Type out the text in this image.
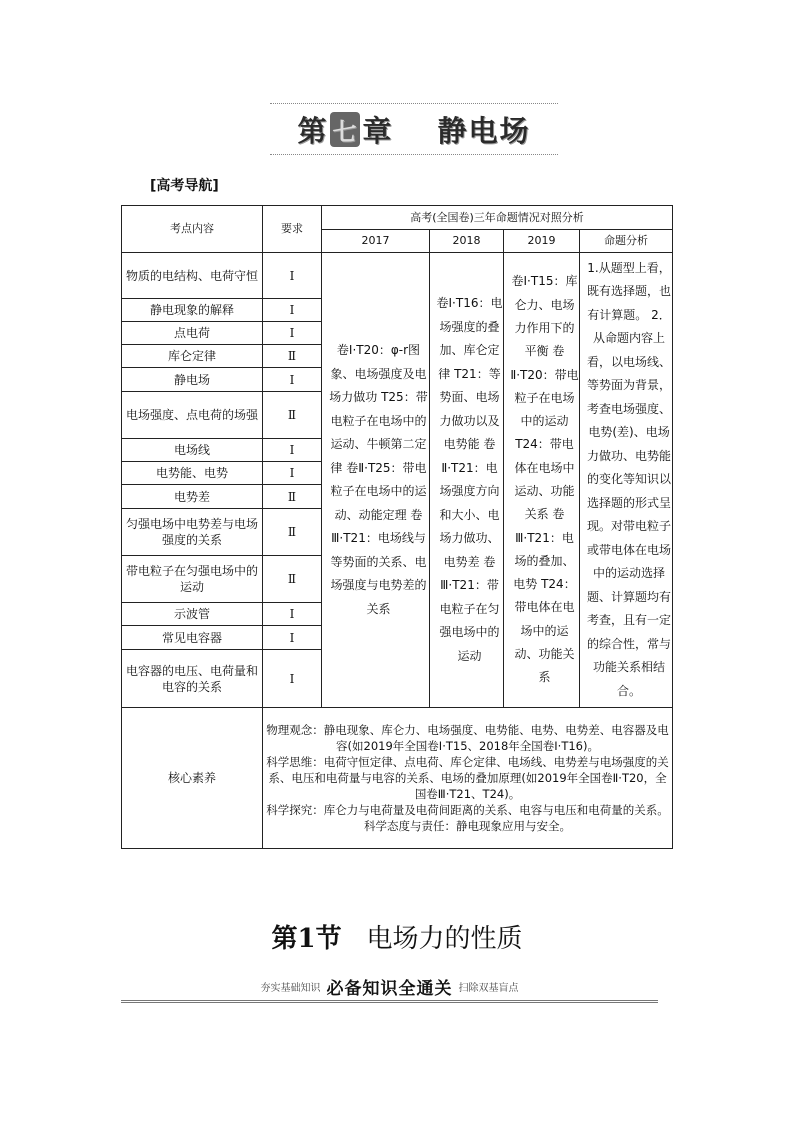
第 七 章 静电场
[高考导航]
考点内容	要求	高考(全国卷)三年命题情况对照分析			
		2017	2018	2019	命题分析
物质的电结构、电荷守恒	Ⅰ	卷Ⅰ·T20：φ-r图象、电场强度及电场力做功 T25：带电粒子在电场中的运动、牛顿第二定律 卷Ⅱ·T25：带电粒子在电场中的运动、动能定理 卷Ⅲ·T21：电场线与等势面的关系、电场强度与电势差的关系	卷Ⅰ·T16：电场强度的叠加、库仑定律 T21：等势面、电场力做功以及电势能 卷Ⅱ·T21：电场强度方向和大小、电场力做功、电势差 卷Ⅲ·T21：带电粒子在匀强电场中的运动	卷Ⅰ·T15：库仑力、电场力作用下的平衡 卷Ⅱ·T20：带电粒子在电场中的运动 T24：带电体在电场中运动、功能关系 卷Ⅲ·T21：电场的叠加、电势 T24：带电体在电场中的运动、功能关系	1.从题型上看，既有选择题，也有计算题。 2．从命题内容上看，以电场线、等势面为背景，考查电场强度、电势(差)、电场力做功、电势能的变化等知识以选择题的形式呈现。对带电粒子或带电体在电场中的运动选择题、计算题均有考查，且有一定的综合性，常与功能关系相结合。
静电现象的解释	Ⅰ				
点电荷	Ⅰ				
库仑定律	Ⅱ				
静电场	Ⅰ				
电场强度、点电荷的场强	Ⅱ				
电场线	Ⅰ				
电势能、电势	Ⅰ				
电势差	Ⅱ				
匀强电场中电势差与电场强度的关系	Ⅱ				
带电粒子在匀强电场中的运动	Ⅱ				
示波管	Ⅰ				
常见电容器	Ⅰ				
电容器的电压、电荷量和电容的关系	Ⅰ				
核心素养	物理观念：静电现象、库仑力、电场强度、电势能、电势、电势差、电容器及电容(如2019年全国卷Ⅰ·T15、2018年全国卷Ⅰ·T16)。
科学思维：电荷守恒定律、点电荷、库仑定律、电场线、电势差与电场强度的关系、电压和电荷量与电容的关系、电场的叠加原理(如2019年全国卷Ⅱ·T20，全国卷Ⅲ·T21、T24)。
科学探究：库仑力与电荷量及电荷间距离的关系、电容与电压和电荷量的关系。
科学态度与责任：静电现象应用与安全。				
第1节 电场力的性质
夯实基础知识 必备知识全通关 扫除双基盲点
